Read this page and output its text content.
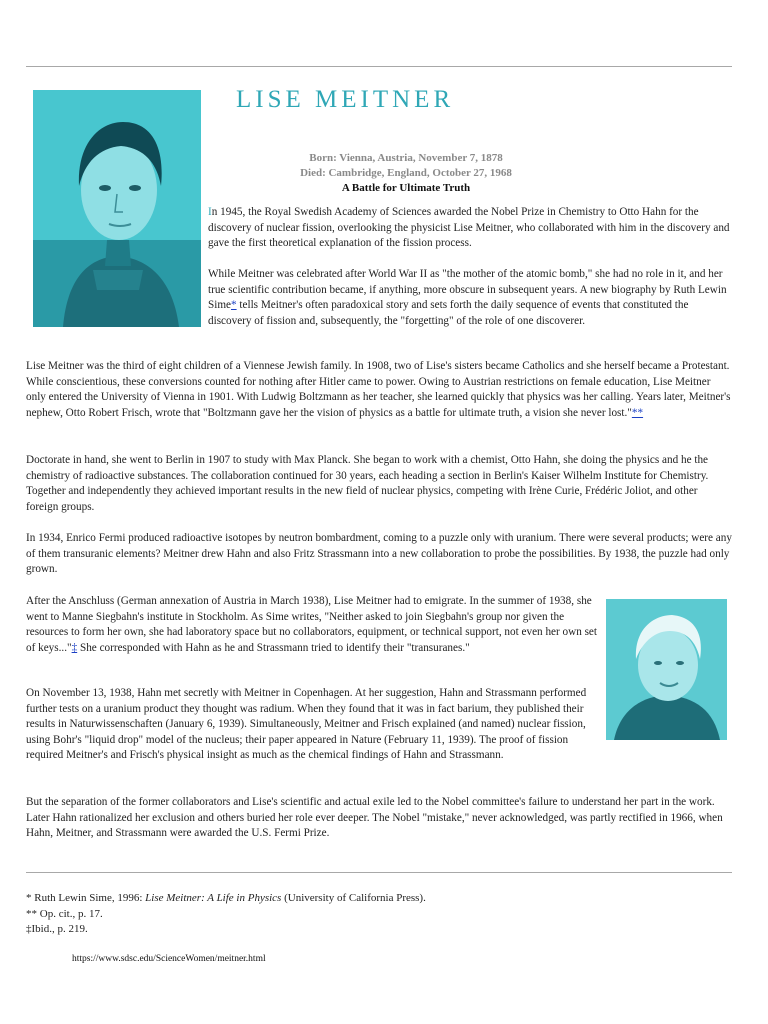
LISE MEITNER

Born: Vienna, Austria, November 7, 1878

Died: Cambridge, England, October 27, 1968

A Battle for Ultimate Truth

In 1945, the Royal Swedish Academy of Sciences awarded the Nobel Prize in Chemistry to Otto Hahn for the discovery of nuclear fission, overlooking the physicist Lise Meitner, who collaborated with him in the discovery and gave the first theoretical explanation of the fission process.

While Meitner was celebrated after World War II as "the mother of the atomic bomb," she had no role in it, and her true scientific contribution became, if anything, more obscure in subsequent years. A new biography by Ruth Lewin Sime* tells Meitner's often paradoxical story and sets forth the daily sequence of events that constituted the discovery of fission and, subsequently, the "forgetting" of the role of one discoverer.

Lise Meitner was the third of eight children of a Viennese Jewish family. In 1908, two of Lise's sisters became Catholics and she herself became a Protestant. While conscientious, these conversions counted for nothing after Hitler came to power. Owing to Austrian restrictions on female education, Lise Meitner only entered the University of Vienna in 1901. With Ludwig Boltzmann as her teacher, she learned quickly that physics was her calling. Years later, Meitner's nephew, Otto Robert Frisch, wrote that "Boltzmann gave her the vision of physics as a battle for ultimate truth, a vision she never lost."**

Doctorate in hand, she went to Berlin in 1907 to study with Max Planck. She began to work with a chemist, Otto Hahn, she doing the physics and he the chemistry of radioactive substances. The collaboration continued for 30 years, each heading a section in Berlin's Kaiser Wilhelm Institute for Chemistry. Together and independently they achieved important results in the new field of nuclear physics, competing with Irène Curie, Frédéric Joliot, and other foreign groups.

In 1934, Enrico Fermi produced radioactive isotopes by neutron bombardment, coming to a puzzle only with uranium. There were several products; were any of them transuranic elements? Meitner drew Hahn and also Fritz Strassmann into a new collaboration to probe the possibilities. By 1938, the puzzle had only grown.

After the Anschluss (German annexation of Austria in March 1938), Lise Meitner had to emigrate. In the summer of 1938, she went to Manne Siegbahn's institute in Stockholm. As Sime writes, "Neither asked to join Siegbahn's group nor given the resources to form her own, she had laboratory space but no collaborators, equipment, or technical support, not even her own set of keys..."‡ She corresponded with Hahn as he and Strassmann tried to identify their "transuranes."

On November 13, 1938, Hahn met secretly with Meitner in Copenhagen. At her suggestion, Hahn and Strassmann performed further tests on a uranium product they thought was radium. When they found that it was in fact barium, they published their results in Naturwissenschaften (January 6, 1939). Simultaneously, Meitner and Frisch explained (and named) nuclear fission, using Bohr's "liquid drop" model of the nucleus; their paper appeared in Nature (February 11, 1939). The proof of fission required Meitner's and Frisch's physical insight as much as the chemical findings of Hahn and Strassmann.

But the separation of the former collaborators and Lise's scientific and actual exile led to the Nobel committee's failure to understand her part in the work. Later Hahn rationalized her exclusion and others buried her role ever deeper. The Nobel "mistake," never acknowledged, was partly rectified in 1966, when Hahn, Meitner, and Strassmann were awarded the U.S. Fermi Prize.

* Ruth Lewin Sime, 1996: Lise Meitner: A Life in Physics (University of California Press).

** Op. cit., p. 17.

‡Ibid., p. 219.

https://www.sdsc.edu/ScienceWomen/meitner.html
